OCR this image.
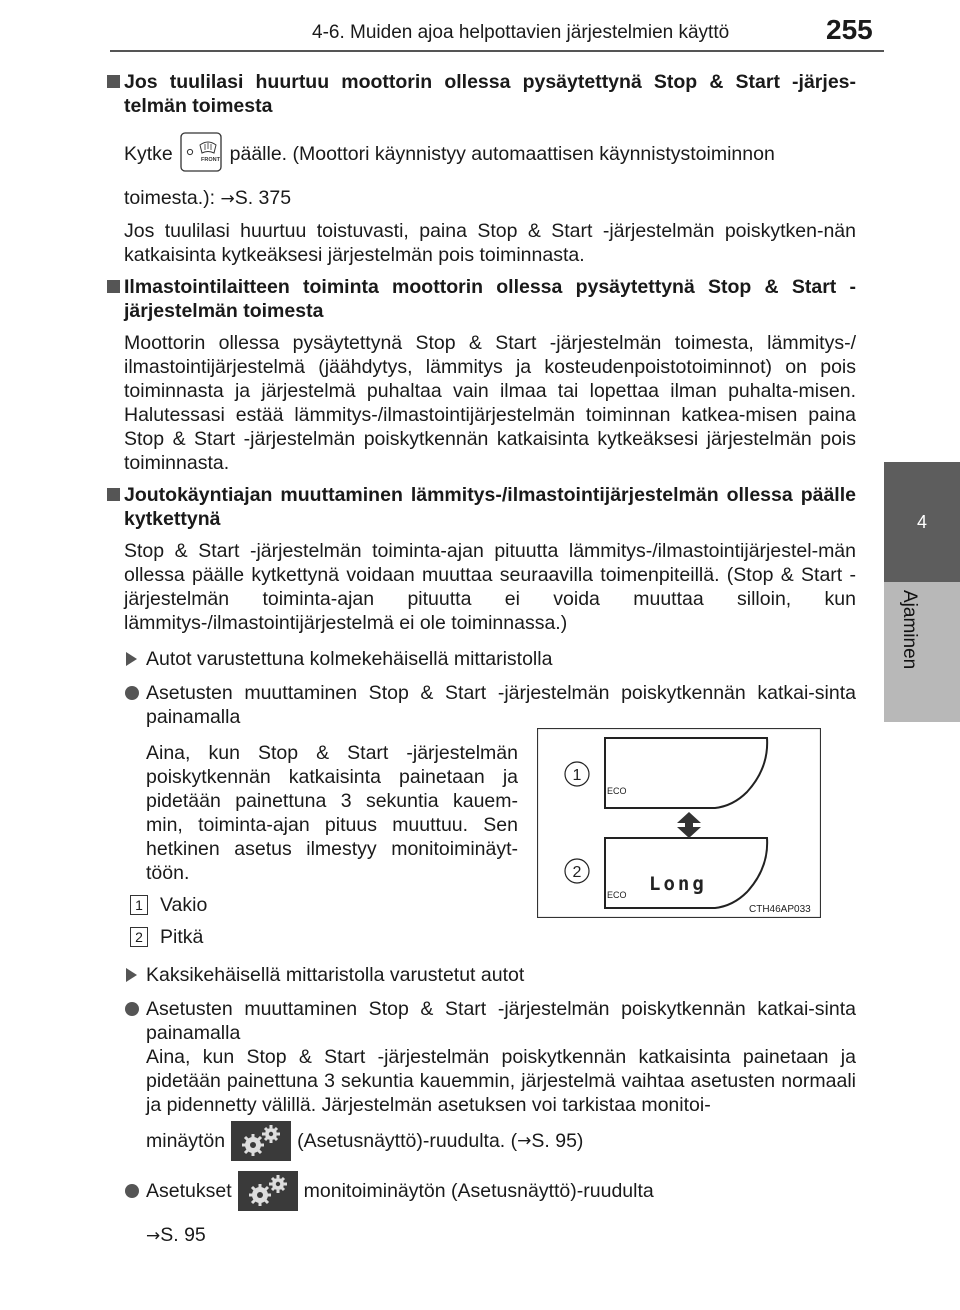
4-6. Muiden ajoa helpottavien järjestelmien käyttö	255
4
Ajaminen
Jos tuulilasi huurtuu moottorin ollessa pysäytettynä Stop & Start -järjes-telmän toimesta
Kytke	FRONT päälle. (Moottori käynnistyy automaattisen käynnistystoiminnon
toimesta.): →S. 375
Jos tuulilasi huurtuu toistuvasti, paina Stop & Start -järjestelmän poiskytken-nän katkaisinta kytkeäksesi järjestelmän pois toiminnasta.
Ilmastointilaitteen toiminta moottorin ollessa pysäytettynä Stop & Start -järjestelmän toimesta
Moottorin ollessa pysäytettynä Stop & Start -järjestelmän toimesta, lämmitys-/ ilmastointijärjestelmä (jäähdytys, lämmitys ja kosteudenpoistotoiminnot) on pois toiminnasta ja järjestelmä puhaltaa vain ilmaa tai lopettaa ilman puhalta-misen. Halutessasi estää lämmitys-/ilmastointijärjestelmän toiminnan katkea-misen paina Stop & Start -järjestelmän poiskytkennän katkaisinta kytkeäksesi järjestelmän pois toiminnasta.
Joutokäyntiajan muuttaminen lämmitys-/ilmastointijärjestelmän ollessa päälle kytkettynä
Stop & Start -järjestelmän toiminta-ajan pituutta lämmitys-/ilmastointijärjestel-män ollessa päälle kytkettynä voidaan muuttaa seuraavilla toimenpiteillä. (Stop & Start -järjestelmän toiminta-ajan pituutta ei voida muuttaa silloin, kun lämmitys-/ilmastointijärjestelmä ei ole toiminnassa.)
Autot varustettuna kolmekehäisellä mittaristolla
Asetusten muuttaminen Stop & Start -järjestelmän poiskytkennän katkai-sinta painamalla
Aina, kun Stop & Start -järjestelmän poiskytkennän katkaisinta painetaan ja pidetään painettuna 3 sekuntia kauem-min, toiminta-ajan pituus muuttuu. Sen hetkinen asetus ilmestyy monitoiminäyt-töön.
1 Vakio
2 Pitkä
Kaksikehäisellä mittaristolla varustetut autot
Asetusten muuttaminen Stop & Start -järjestelmän poiskytkennän katkai-sinta painamalla
Aina, kun Stop & Start -järjestelmän poiskytkennän katkaisinta painetaan ja pidetään painettuna 3 sekuntia kauemmin, järjestelmä vaihtaa asetusten normaali ja pidennetty välillä. Järjestelmän asetuksen voi tarkistaa monitoi-
minäytön	(Asetusnäyttö)-ruudulta. ( → S. 95)
Asetukset	monitoiminäytön (Asetusnäyttö)-ruudulta
→S. 95
ECO
ECO Long
1
2
CTH46AP033
